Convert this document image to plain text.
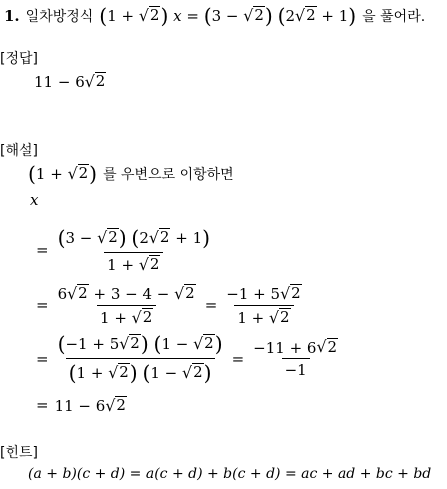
1. 일차방정식 (1 + √ 2 ) x = (3 − √ 2 ) (2 √ 2 + 1) 을 풀어라.
[정답]
11 − 6 √ 2
[해설]
(1 + √ 2 ) 를 우변으로 이항하면
x
= $\frac{(3 - √ 2 ) (2 √ 2 + 1)}{1 + √ 2}$
= $\frac{6 √ 2 + 3 - 4 - √ 2}{1 + √ 2} = \frac{-1 + 5 √ 2}{1 + √ 2}$
= $\frac{(-1 + 5 √ 2 ) (1 - √ 2 )}{(1 + √ 2 ) (1 - √ 2 )} = \frac{-11 + 6 √ 2}{-1}$
= 11 − 6 √ 2
[힌트]
(a + b)(c + d) = a(c + d) + b(c + d) = ac + ad + bc + bd
